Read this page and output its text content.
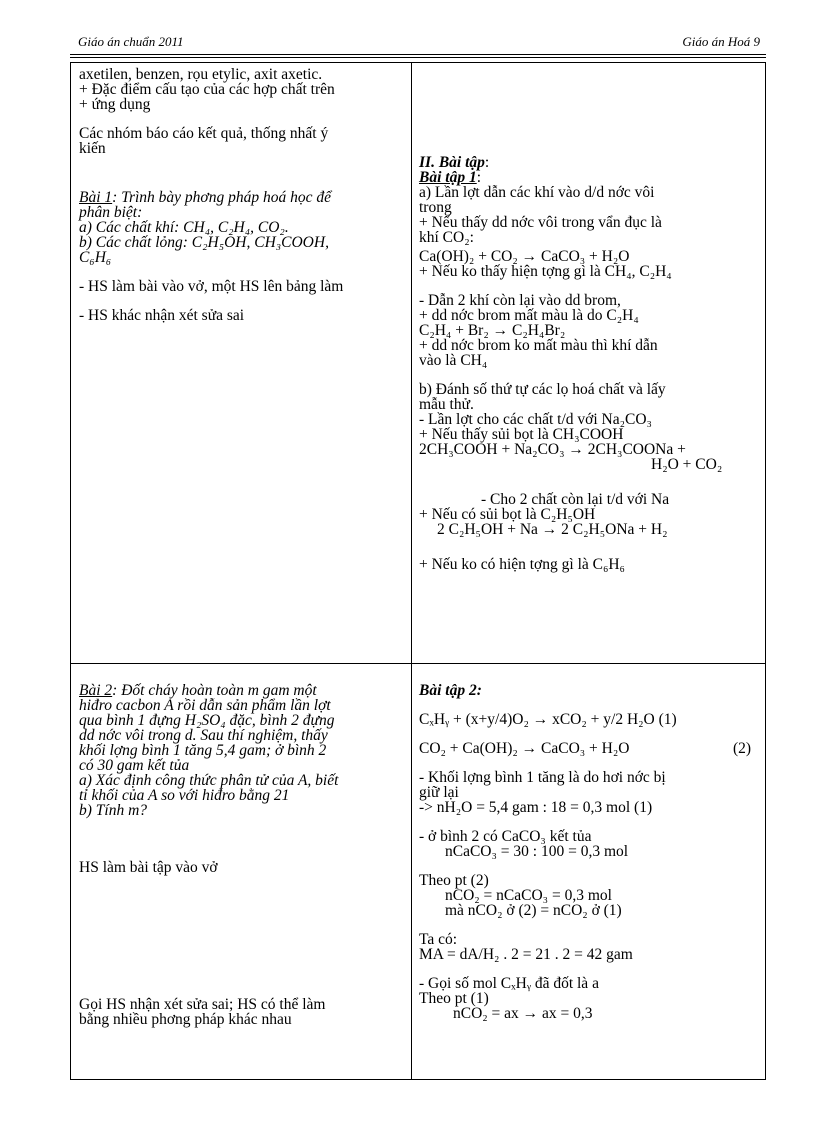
Giáo án chuẩn 2011	Giáo án Hoá 9
axetilen, benzen, rọu etylic, axit axetic.
+ Đặc điểm cấu tạo của các hợp chất trên
+ ứng dụng
Các nhóm báo cáo kết quả, thống nhất ý
kiến
Bài 1: Trình bày phơng pháp hoá học để
phân biệt:
a) Các chất khí: CH₄, C₂H₄, CO₂.
b) Các chất lỏng: C₂H₅OH, CH₃COOH,
C₆H₆
- HS làm bài vào vở, một HS lên bảng làm
- HS khác nhận xét sửa sai
II. Bài tập:
Bài tập 1:
a) Lần lợt dẫn các khí vào d/d nớc vôi
trong
+ Nếu thấy dd nớc vôi trong vẩn đục là
khí CO₂:
Ca(OH)₂ + CO₂ → CaCO₃ + H₂O
+ Nếu ko thấy hiện tợng gì là CH₄, C₂H₄
- Dẫn 2 khí còn lại vào dd brom,
+ dd nớc brom mất màu là do C₂H₄
C₂H₄ + Br₂ → C₂H₄Br₂
+ dd nớc brom ko mất màu thì khí dẫn
vào là CH₄
b) Đánh số thứ tự các lọ hoá chất và lấy
mẫu thử.
- Lần lợt cho các chất t/d với Na₂CO₃
+ Nếu thấy sủi bọt là CH₃COOH
2CH₃COOH + Na₂CO₃ → 2CH₃COONa +
H₂O + CO₂
- Cho 2 chất còn lại t/d với Na
+ Nếu có sủi bọt là C₂H₅OH
2 C₂H₅OH + Na → 2 C₂H₅ONa + H₂
+ Nếu ko có hiện tợng gì là C₆H₆
Bài 2: Đốt cháy hoàn toàn m gam một
hiđro cacbon A rồi dẫn sản phẩm lần lợt
qua bình 1 đựng H₂SO₄ đặc, bình 2 đựng
dd nớc vôi trong d. Sau thí nghiệm, thấy
khối lợng bình 1 tăng 5,4 gam; ở bình 2
có 30 gam kết tủa
a) Xác định công thức phân tử của A, biết
tỉ khối của A so với hiđro bằng 21
b) Tính m?
HS làm bài tập vào vở
Gọi HS nhận xét sửa sai; HS có thể làm
bằng nhiều phơng pháp khác nhau
Bài tập 2:
CₓHᵧ + (x+y/4)O₂ → xCO₂ + y/2 H₂O (1)
CO₂ + Ca(OH)₂ → CaCO₃ + H₂O	(2)
- Khối lợng bình 1 tăng là do hơi nớc bị
giữ lại
-> nH₂O = 5,4 gam : 18 = 0,3 mol (1)
- ở bình 2 có CaCO₃ kết tủa
nCaCO₃ = 30 : 100 = 0,3 mol
Theo pt (2)
nCO₂ = nCaCO₃ = 0,3 mol
mà nCO₂ ở (2) = nCO₂ ở (1)
Ta có:
MA = dA/H₂ . 2 = 21 . 2 = 42 gam
- Gọi số mol CₓHᵧ đã đốt là a
Theo pt (1)
nCO₂ = ax → ax = 0,3
